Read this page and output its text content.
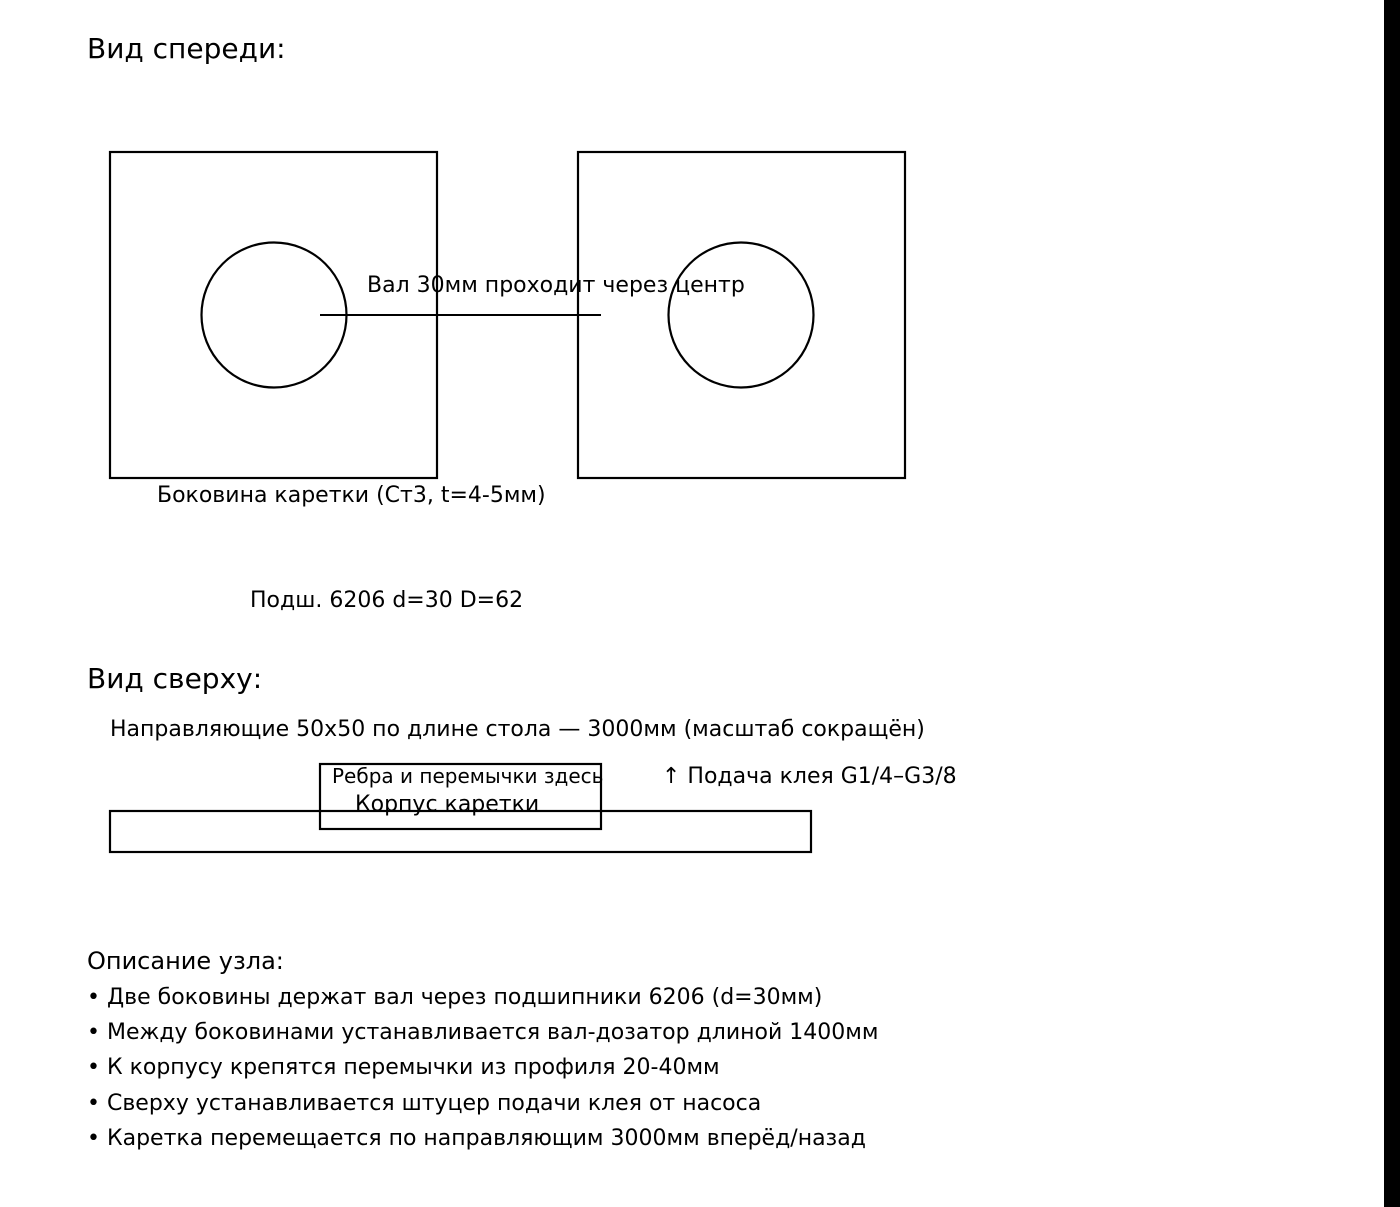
Вид спереди:
Вал 30мм проходит через центр
Боковина каретки (Ст3, t=4-5мм)
Подш. 6206 d=30 D=62
Вид сверху:
Направляющие 50х50 по длине стола — 3000мм (масштаб сокращён)
Ребра и перемычки здесь
Корпус каретки
↑ Подача клея G1/4–G3/8
Описание узла:
• Две боковины держат вал через подшипники 6206 (d=30мм)
• Между боковинами устанавливается вал-дозатор длиной 1400мм
• К корпусу крепятся перемычки из профиля 20-40мм
• Сверху устанавливается штуцер подачи клея от насоса
• Каретка перемещается по направляющим 3000мм вперёд/назад
